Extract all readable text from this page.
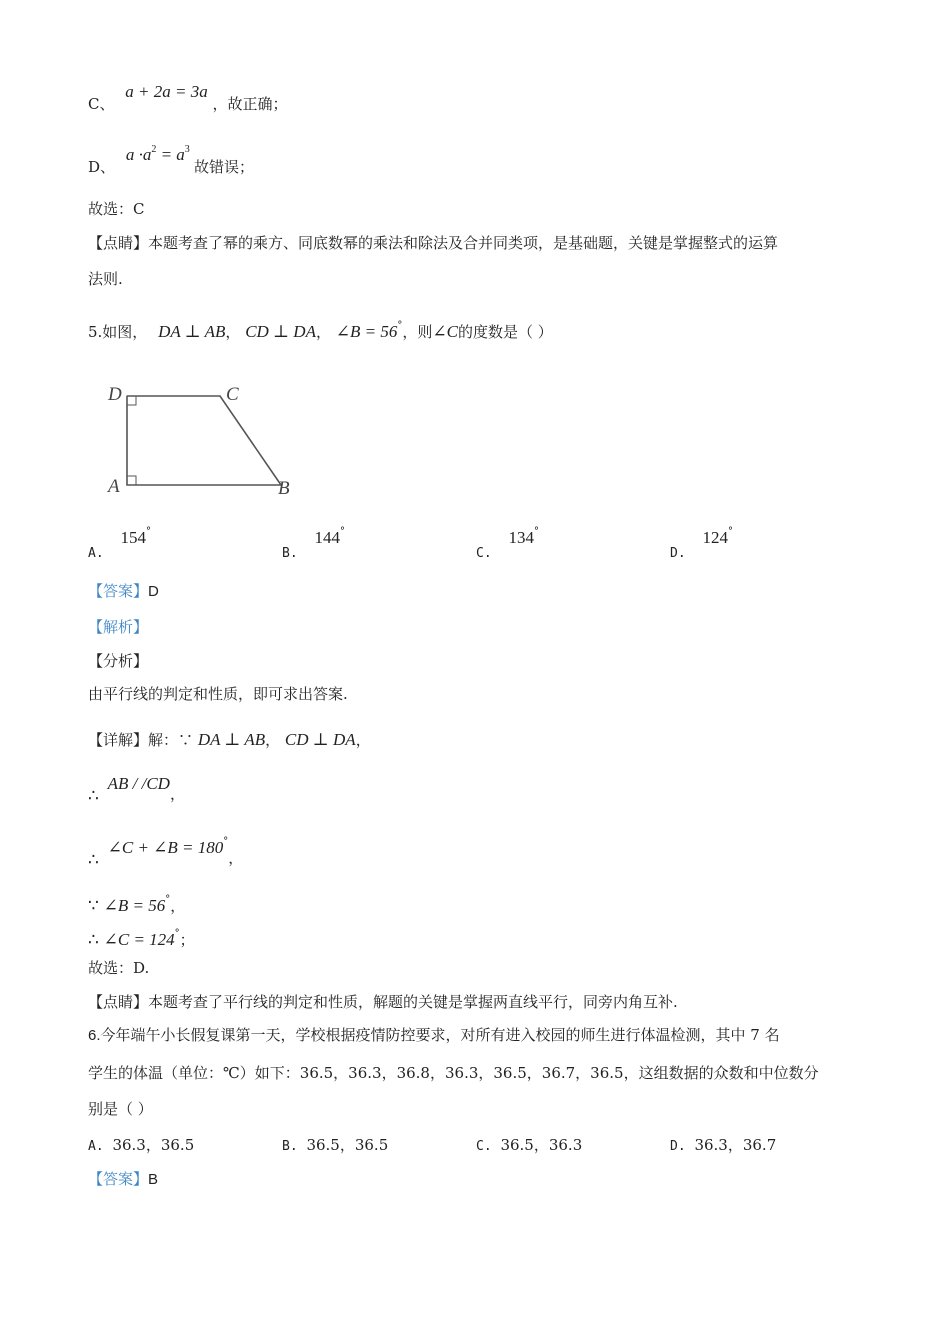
C、 a + 2a = 3a ，故正确；
D、 $a \cdot a^2 = a^3$ 故错误；
故选：C
【点睛】本题考查了幂的乘方、同底数幂的乘法和除法及合并同类项，是基础题，关键是掌握整式的运算
法则.
5.如图， DA ⊥ AB， CD ⊥ DA， ∠B = 56°，则∠C的度数是（ ）
D	C
A	B
A. 154°
B. 144°
C. 134°
D. 124°
【答案】D
【解析】
【分析】
由平行线的判定和性质，即可求出答案.
【详解】解：∵ DA ⊥ AB， CD ⊥ DA，
∴ AB / /CD，
∴ ∠C + ∠B = 180°，
∵ ∠B = 56°，
∴ ∠C = 124°；
故选：D.
【点睛】本题考查了平行线的判定和性质，解题的关键是掌握两直线平行，同旁内角互补.
6.今年端午小长假复课第一天，学校根据疫情防控要求，对所有进入校园的师生进行体温检测，其中 7 名
学生的体温（单位：℃）如下：36.5，36.3，36.8，36.3，36.5，36.7，36.5，这组数据的众数和中位数分
别是（ ）
A. 36.3，36.5	B. 36.5，36.5	C. 36.5，36.3	D. 36.3，36.7
【答案】B
